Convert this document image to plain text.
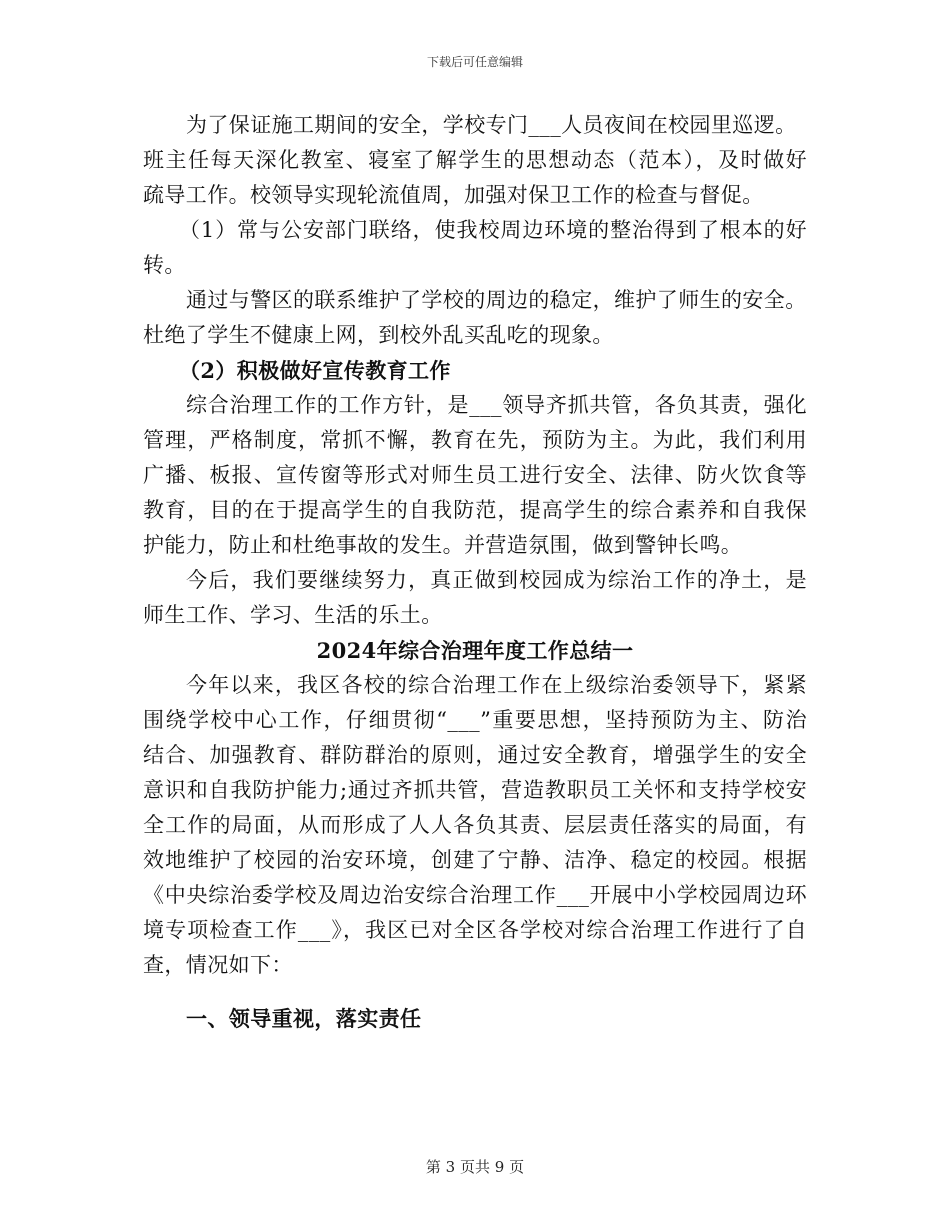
下载后可任意编辑
为了保证施工期间的安全，学校专门___人员夜间在校园里巡逻。
班主任每天深化教室、寝室了解学生的思想动态（范本），及时做好
疏导工作。校领导实现轮流值周，加强对保卫工作的检查与督促。
（1）常与公安部门联络，使我校周边环境的整治得到了根本的好
转。
通过与警区的联系维护了学校的周边的稳定，维护了师生的安全。
杜绝了学生不健康上网，到校外乱买乱吃的现象。
（2）积极做好宣传教育工作
综合治理工作的工作方针，是___领导齐抓共管，各负其责，强化
管理，严格制度，常抓不懈，教育在先，预防为主。为此，我们利用
广播、板报、宣传窗等形式对师生员工进行安全、法律、防火饮食等
教育，目的在于提高学生的自我防范，提高学生的综合素养和自我保
护能力，防止和杜绝事故的发生。并营造氛围，做到警钟长鸣。
今后，我们要继续努力，真正做到校园成为综治工作的净土，是
师生工作、学习、生活的乐土。
2024年综合治理年度工作总结一
今年以来，我区各校的综合治理工作在上级综治委领导下，紧紧
围绕学校中心工作，仔细贯彻“___”重要思想，坚持预防为主、防治
结合、加强教育、群防群治的原则，通过安全教育，增强学生的安全
意识和自我防护能力;通过齐抓共管，营造教职员工关怀和支持学校安
全工作的局面，从而形成了人人各负其责、层层责任落实的局面，有
效地维护了校园的治安环境，创建了宁静、洁净、稳定的校园。根据
《中央综治委学校及周边治安综合治理工作___开展中小学校园周边环
境专项检查工作___》，我区已对全区各学校对综合治理工作进行了自
查，情况如下：
一、领导重视，落实责任
第 3 页共 9 页
